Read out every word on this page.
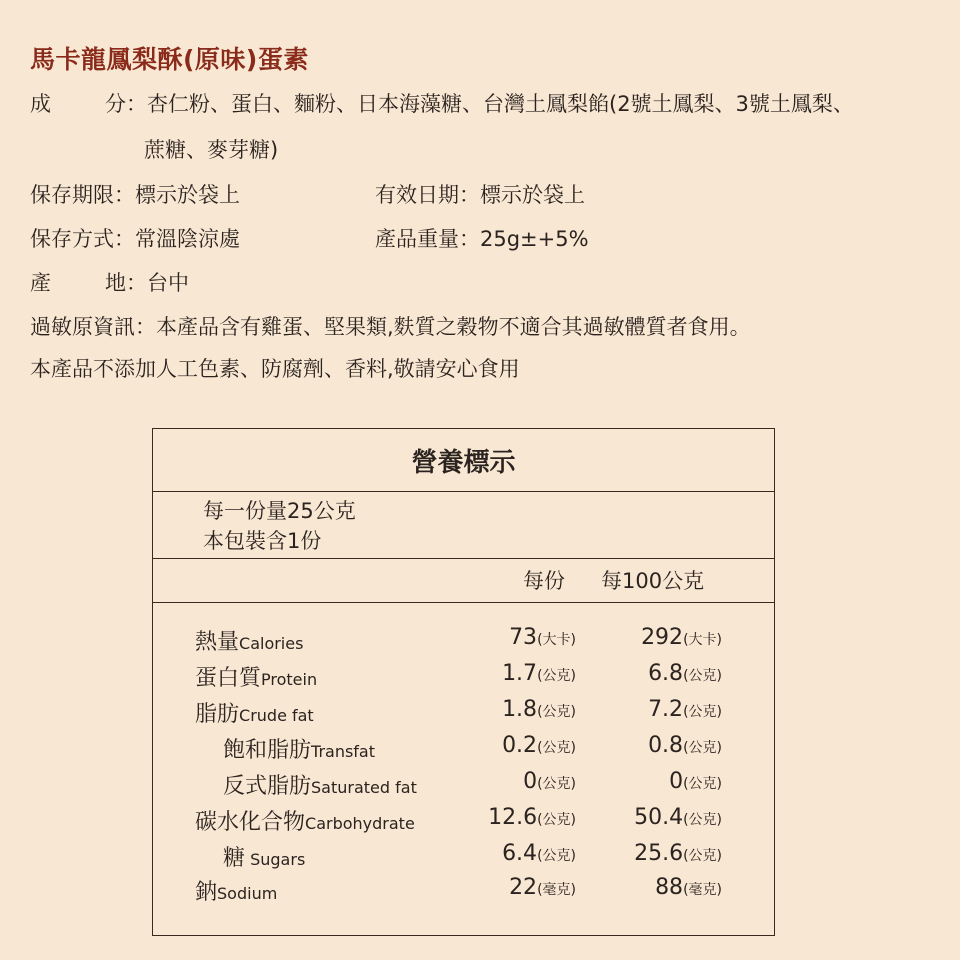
馬卡龍鳳梨酥(原味)蛋素
成	分：杏仁粉、蛋白、麵粉、日本海藻糖、台灣土鳳梨餡(2號土鳳梨、3號土鳳梨、
蔗糖、麥芽糖)
保存期限：標示於袋上	有效日期：標示於袋上
保存方式：常溫陰涼處	產品重量：25g±+5%
產	地：台中
過敏原資訊：本產品含有雞蛋、堅果類,麩質之穀物不適合其過敏體質者食用。
本產品不添加人工色素、防腐劑、香料,敬請安心食用
營養標示
每一份量25公克
本包裝含1份
每份 每100公克
熱量Calories	73(大卡)	292(大卡)
蛋白質Protein	1.7(公克)	6.8(公克)
脂肪Crude fat	1.8(公克)	7.2(公克)
飽和脂肪Transfat	0.2(公克)	0.8(公克)
反式脂肪Saturated fat	0(公克)	0(公克)
碳水化合物Carbohydrate	12.6(公克)	50.4(公克)
糖 Sugars	6.4(公克)	25.6(公克)
鈉Sodium	22(毫克)	88(毫克)
